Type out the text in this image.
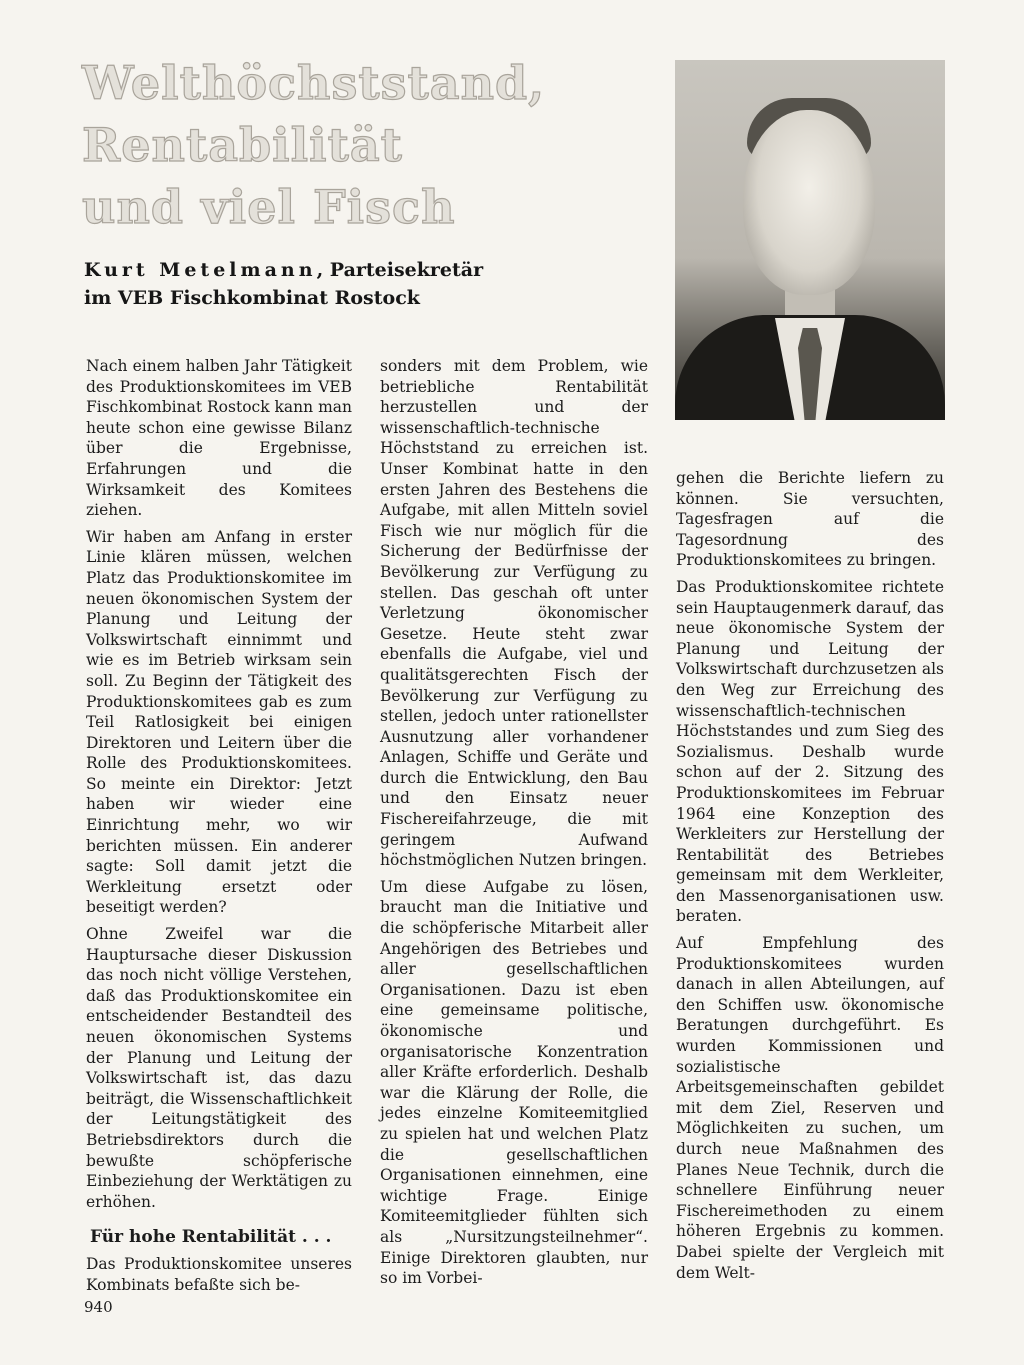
Welthöchststand,
Rentabilität
und viel Fisch
Kurt Metelmann, Parteisekretär
im VEB Fischkombinat Rostock

Nach einem halben Jahr Tätigkeit des Produktionskomitees im VEB Fischkombinat Rostock kann man heute schon eine gewisse Bilanz über die Ergebnisse, Erfahrungen und die Wirksamkeit des Komitees ziehen.

Wir haben am Anfang in erster Linie klären müssen, welchen Platz das Produktionskomitee im neuen ökonomischen System der Planung und Leitung der Volkswirtschaft einnimmt und wie es im Betrieb wirksam sein soll. Zu Beginn der Tätigkeit des Produktionskomitees gab es zum Teil Ratlosigkeit bei einigen Direktoren und Leitern über die Rolle des Produktionskomitees. So meinte ein Direktor: Jetzt haben wir wieder eine Einrichtung mehr, wo wir berichten müssen. Ein anderer sagte: Soll damit jetzt die Werkleitung ersetzt oder beseitigt werden?

Ohne Zweifel war die Hauptursache dieser Diskussion das noch nicht völlige Verstehen, daß das Produktionskomitee ein entscheidender Bestandteil des neuen ökonomischen Systems der Planung und Leitung der Volkswirtschaft ist, das dazu beiträgt, die Wissenschaftlichkeit der Leitungstätigkeit des Betriebsdirektors durch die bewußte schöpferische Einbeziehung der Werktätigen zu erhöhen.

Für hohe Rentabilität . . .

Das Produktionskomitee unseres Kombinats befaßte sich be-

sonders mit dem Problem, wie betriebliche Rentabilität herzustellen und der wissenschaftlich-technische Höchststand zu erreichen ist. Unser Kombinat hatte in den ersten Jahren des Bestehens die Aufgabe, mit allen Mitteln soviel Fisch wie nur möglich für die Sicherung der Bedürfnisse der Bevölkerung zur Verfügung zu stellen. Das geschah oft unter Verletzung ökonomischer Gesetze. Heute steht zwar ebenfalls die Aufgabe, viel und qualitätsgerechten Fisch der Bevölkerung zur Verfügung zu stellen, jedoch unter rationellster Ausnutzung aller vorhandener Anlagen, Schiffe und Geräte und durch die Entwicklung, den Bau und den Einsatz neuer Fischereifahrzeuge, die mit geringem Aufwand höchstmöglichen Nutzen bringen.

Um diese Aufgabe zu lösen, braucht man die Initiative und die schöpferische Mitarbeit aller Angehörigen des Betriebes und aller gesellschaftlichen Organisationen. Dazu ist eben eine gemeinsame politische, ökonomische und organisatorische Konzentration aller Kräfte erforderlich. Deshalb war die Klärung der Rolle, die jedes einzelne Komiteemitglied zu spielen hat und welchen Platz die gesellschaftlichen Organisationen einnehmen, eine wichtige Frage. Einige Komiteemitglieder fühlten sich als „Nursitzungsteilnehmer“. Einige Direktoren glaubten, nur so im Vorbei-

gehen die Berichte liefern zu können. Sie versuchten, Tagesfragen auf die Tagesordnung des Produktionskomitees zu bringen.

Das Produktionskomitee richtete sein Hauptaugenmerk darauf, das neue ökonomische System der Planung und Leitung der Volkswirtschaft durchzusetzen als den Weg zur Erreichung des wissenschaftlich-technischen Höchststandes und zum Sieg des Sozialismus. Deshalb wurde schon auf der 2. Sitzung des Produktionskomitees im Februar 1964 eine Konzeption des Werkleiters zur Herstellung der Rentabilität des Betriebes gemeinsam mit dem Werkleiter, den Massenorganisationen usw. beraten.

Auf Empfehlung des Produktionskomitees wurden danach in allen Abteilungen, auf den Schiffen usw. ökonomische Beratungen durchgeführt. Es wurden Kommissionen und sozialistische Arbeitsgemeinschaften gebildet mit dem Ziel, Reserven und Möglichkeiten zu suchen, um durch neue Maßnahmen des Planes Neue Technik, durch die schnellere Einführung neuer Fischereimethoden zu einem höheren Ergebnis zu kommen. Dabei spielte der Vergleich mit dem Welt-

940
